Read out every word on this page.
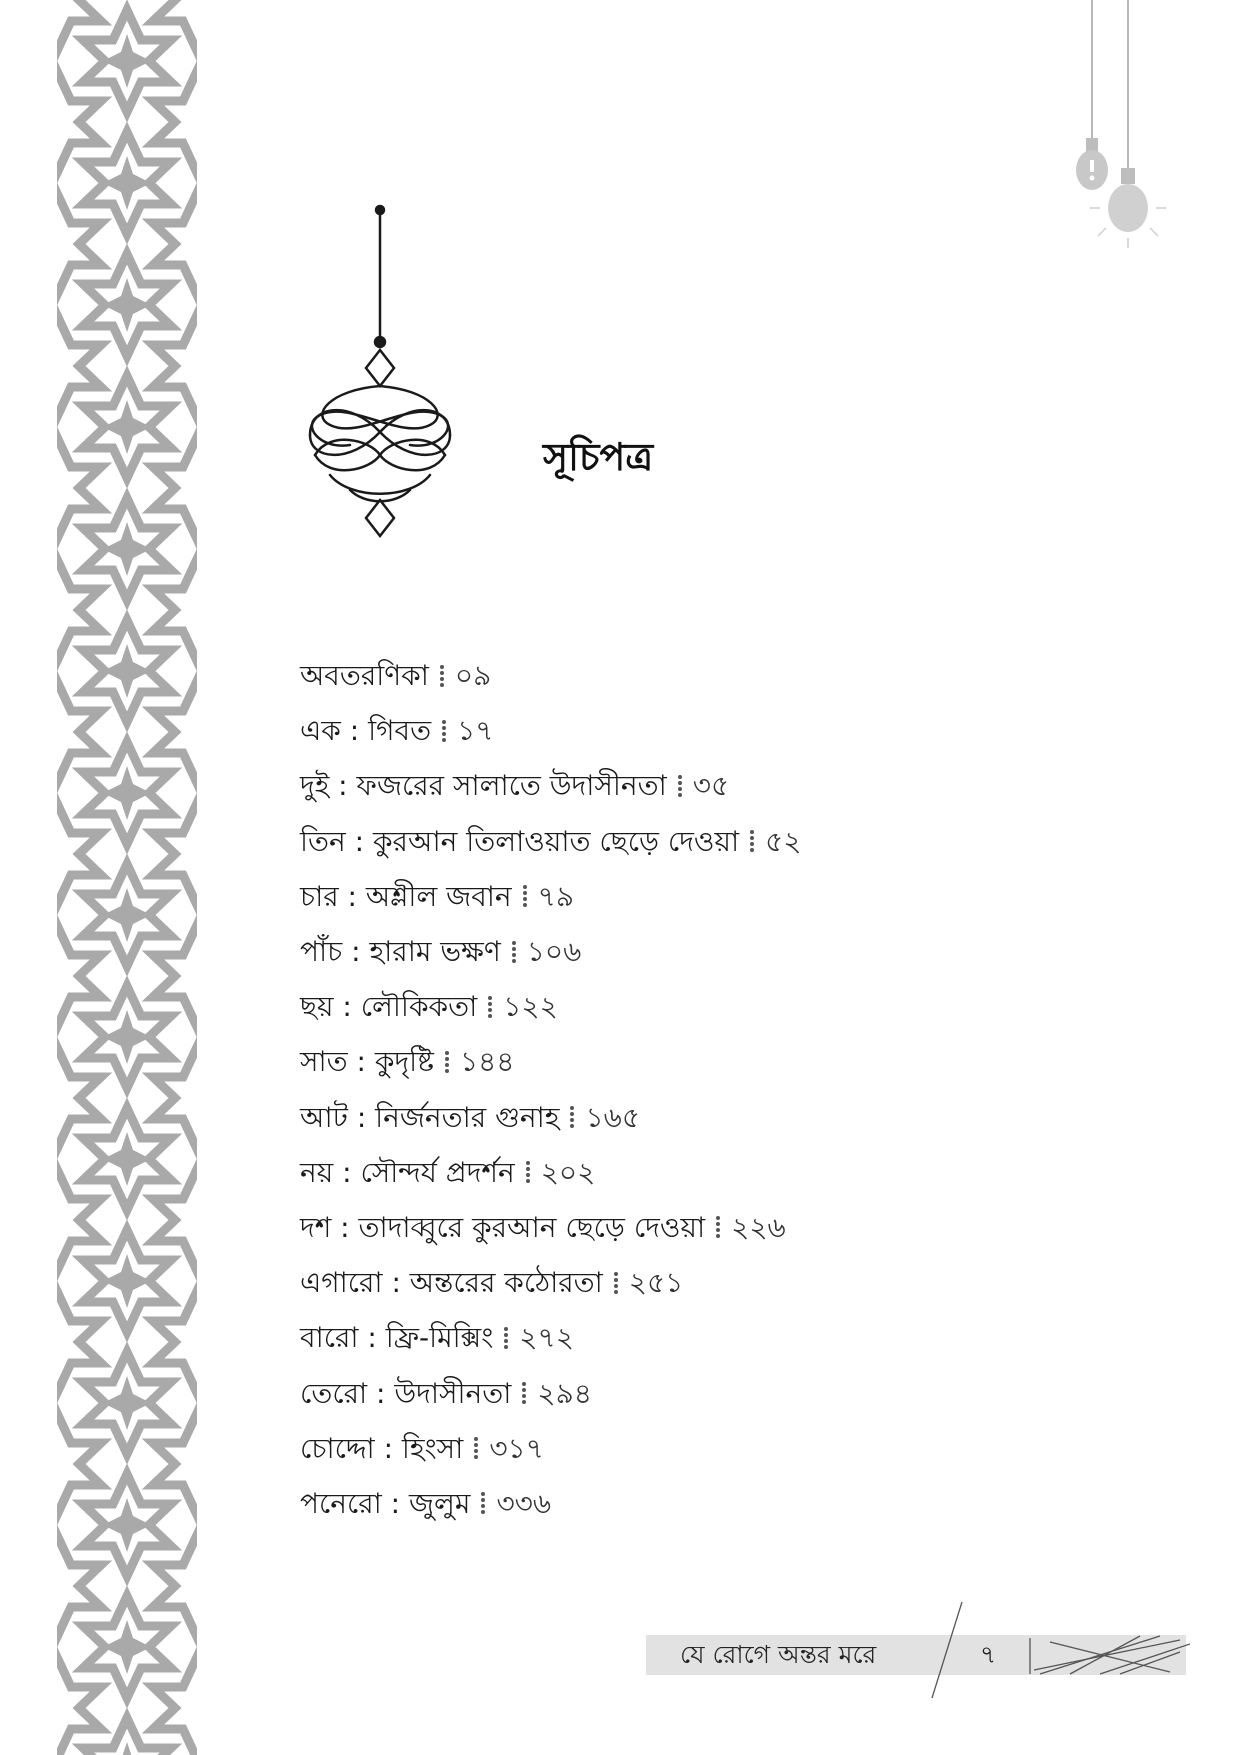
সূচিপত্র
অবতরণিকা ০৯
এক : গিবত ১৭
দুই : ফজরের সালাতে উদাসীনতা ৩৫
তিন : কুরআন তিলাওয়াত ছেড়ে দেওয়া ৫২
চার : অশ্লীল জবান ৭৯
পাঁচ : হারাম ভক্ষণ ১০৬
ছয় : লৌকিকতা ১২২
সাত : কুদৃষ্টি ১৪৪
আট : নির্জনতার গুনাহ ১৬৫
নয় : সৌন্দর্য প্রদর্শন ২০২
দশ : তাদাব্বুরে কুরআন ছেড়ে দেওয়া ২২৬
এগারো : অন্তরের কঠোরতা ২৫১
বারো : ফ্রি-মিক্সিং ২৭২
তেরো : উদাসীনতা ২৯৪
চোদ্দো : হিংসা ৩১৭
পনেরো : জুলুম ৩৩৬
যে রোগে অন্তর মরে	৭
